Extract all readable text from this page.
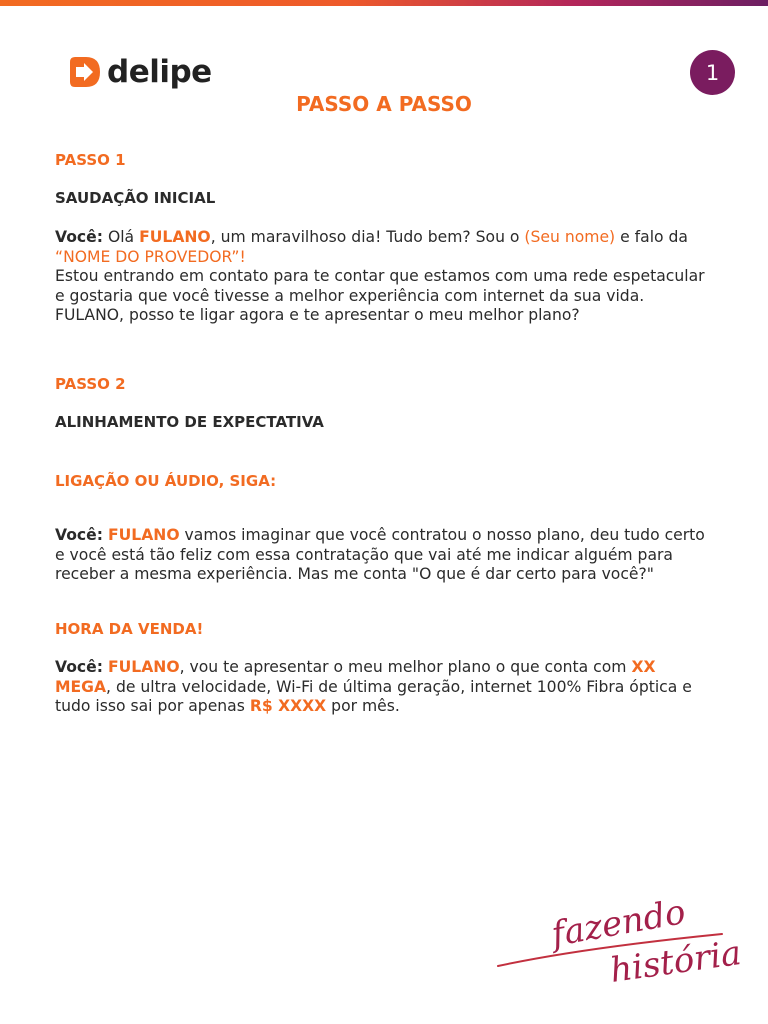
delipe	1
PASSO A PASSO
PASSO 1
SAUDAÇÃO INICIAL

Você: Olá FULANO, um maravilhoso dia! Tudo bem? Sou o (Seu nome) e falo da “NOME DO PROVEDOR”!

Estou entrando em contato para te contar que estamos com uma rede espetacular e gostaria que você tivesse a melhor experiência com internet da sua vida.

FULANO, posso te ligar agora e te apresentar o meu melhor plano?

PASSO 2
ALINHAMENTO DE EXPECTATIVA
LIGAÇÃO OU ÁUDIO, SIGA:

Você: FULANO vamos imaginar que você contratou o nosso plano, deu tudo certo e você está tão feliz com essa contratação que vai até me indicar alguém para receber a mesma experiência. Mas me conta "O que é dar certo para você?"

HORA DA VENDA!

Você: FULANO, vou te apresentar o meu melhor plano o que conta com XX MEGA, de ultra velocidade, Wi-Fi de última geração, internet 100% Fibra óptica e tudo isso sai por apenas R$ XXXX por mês.

fazendo
história
